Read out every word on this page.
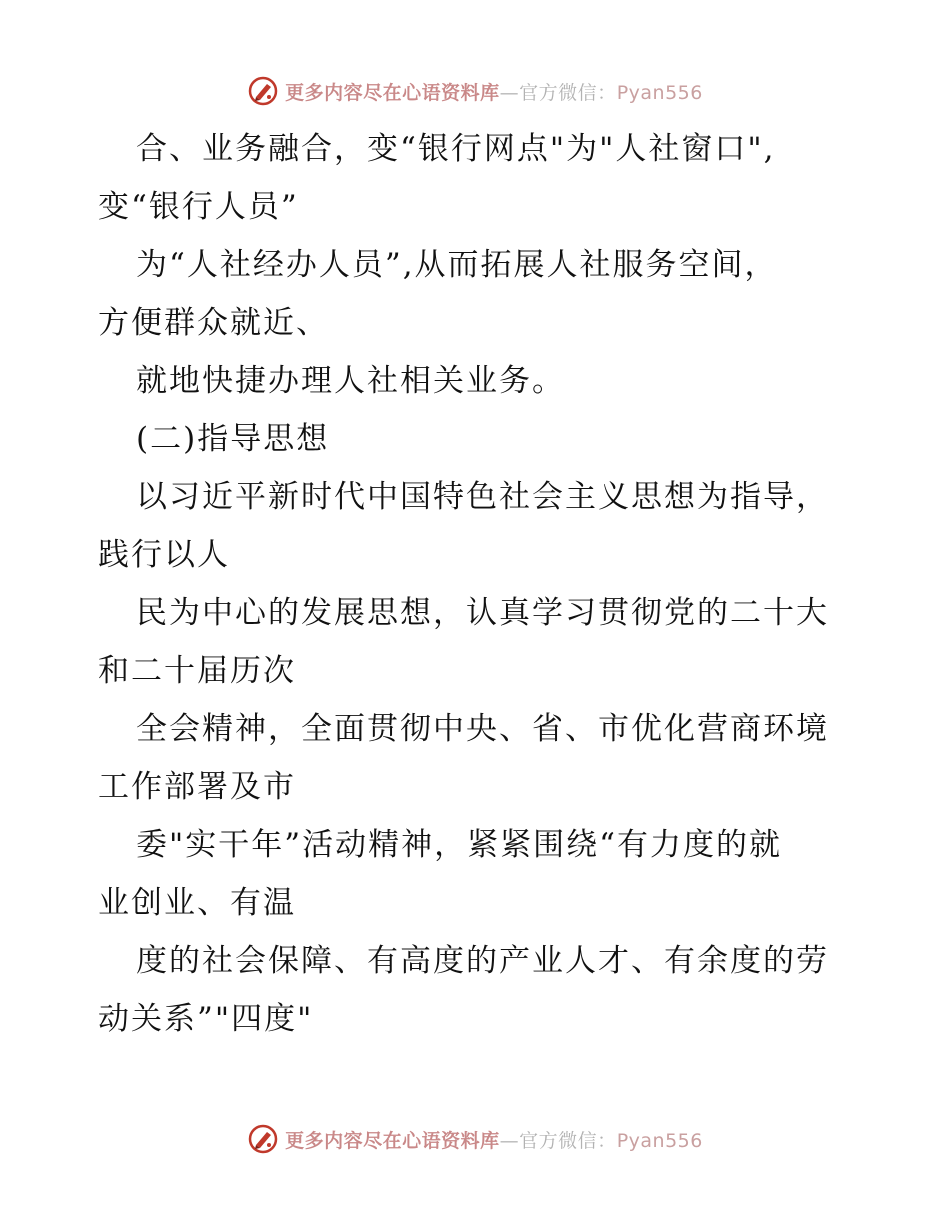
更多内容尽在心语资料库—官方微信：Pyan556
合、业务融合，变“银行网点"为"人社窗口",
变“银行人员”
为“人社经办人员”,从而拓展人社服务空间，
方便群众就近、
就地快捷办理人社相关业务。
(二)指导思想
以习近平新时代中国特色社会主义思想为指导，
践行以人
民为中心的发展思想，认真学习贯彻党的二十大
和二十届历次
全会精神，全面贯彻中央、省、市优化营商环境
工作部署及市
委"实干年”活动精神，紧紧围绕“有力度的就
业创业、有温
度的社会保障、有高度的产业人才、有余度的劳
动关系”"四度"
更多内容尽在心语资料库—官方微信：Pyan556
